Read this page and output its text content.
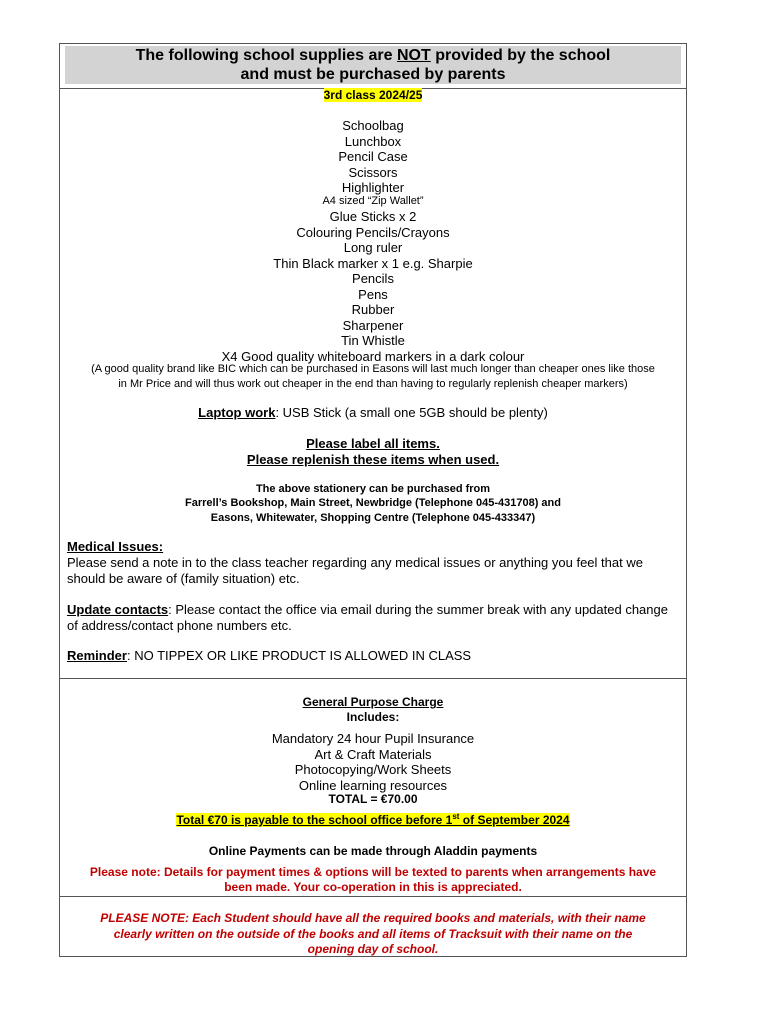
The following school supplies are NOT provided by the school
and must be purchased by parents
3rd class 2024/25
Schoolbag
Lunchbox
Pencil Case
Scissors
Highlighter
A4 sized “Zip Wallet”
Glue Sticks x 2
Colouring Pencils/Crayons
Long ruler
Thin Black marker x 1 e.g. Sharpie
Pencils
Pens
Rubber
Sharpener
Tin Whistle
X4 Good quality whiteboard markers in a dark colour
(A good quality brand like BIC which can be purchased in Easons will last much longer than cheaper ones like those
in Mr Price and will thus work out cheaper in the end than having to regularly replenish cheaper markers)
Laptop work: USB Stick (a small one 5GB should be plenty)
Please label all items.
Please replenish these items when used.
The above stationery can be purchased from
Farrell’s Bookshop, Main Street, Newbridge (Telephone 045-431708) and
Easons, Whitewater, Shopping Centre (Telephone 045-433347)
Medical Issues:
Please send a note in to the class teacher regarding any medical issues or anything you feel that we
should be aware of (family situation) etc.
Update contacts: Please contact the office via email during the summer break with any updated change
of address/contact phone numbers etc.
Reminder: NO TIPPEX OR LIKE PRODUCT IS ALLOWED IN CLASS
General Purpose Charge
Includes:
Mandatory 24 hour Pupil Insurance
Art & Craft Materials
Photocopying/Work Sheets
Online learning resources
TOTAL = €70.00
Total €70 is payable to the school office before 1st of September 2024
Online Payments can be made through Aladdin payments
Please note: Details for payment times & options will be texted to parents when arrangements have
been made. Your co-operation in this is appreciated.
PLEASE NOTE: Each Student should have all the required books and materials, with their name
clearly written on the outside of the books and all items of Tracksuit with their name on the
opening day of school.
